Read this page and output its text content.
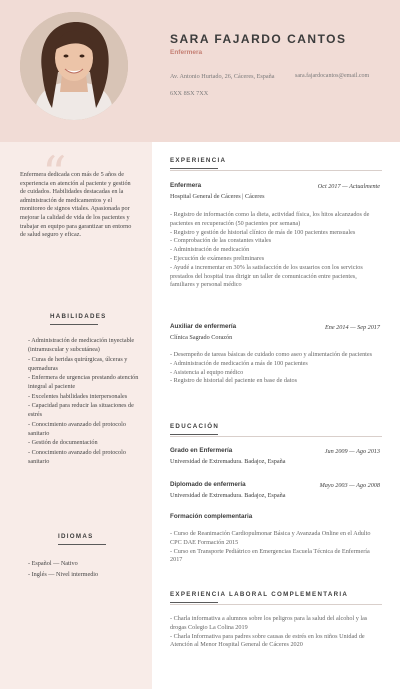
SARA FAJARDO CANTOS
Enfermera
Av. Antonio Hurtado, 26, Cáceres, España
6XX 8SX 7XX
sara.fajardocantos@email.com
“
Enfermera dedicada con más de 5 años de experiencia en atención al paciente y gestión de cuidados. Habilidades destacadas en la administración de medicamentos y el monitoreo de signos vitales. Apasionada por mejorar la calidad de vida de los pacientes y trabajar en equipo para garantizar un entorno de salud seguro y eficaz.
HABILIDADES
- Administración de medicación inyectable (intramuscular y subcutánea)
- Curas de heridas quirúrgicas, úlceras y quemaduras
- Enfermera de urgencias prestando atención integral al paciente
- Excelentes habilidades interpersonales
- Capacidad para reducir las situaciones de estrés
- Conocimiento avanzado del protocolo sanitario
- Gestión de documentación
- Conocimiento avanzado del protocolo sanitario
IDIOMAS
- Español — Nativo
- Inglés — Nivel intermedio
EXPERIENCIA
Enfermera	Oct 2017 — Actualmente
Hospital General de Cáceres | Cáceres
- Registro de información como la dieta, actividad física, los hitos alcanzados de pacientes en recuperación (50 pacientes por semana)
- Registro y gestión de historial clínico de más de 100 pacientes mensuales
- Comprobación de las constantes vitales
- Administración de medicación
- Ejecución de exámenes preliminares
- Ayudé a incrementar en 30% la satisfacción de los usuarios con los servicios prestados del hospital tras dirigir un taller de comunicación entre pacientes, familiares y personal médico
Auxiliar de enfermería	Ene 2014 — Sep 2017
Clínica Sagrado Corazón
- Desempeño de tareas básicas de cuidado como aseo y alimentación de pacientes
- Administración de medicación a más de 100 pacientes
- Asistencia al equipo médico
- Registro de historial del paciente en base de datos
EDUCACIÓN
Grado en Enfermería	Jun 2009 — Ago 2013
Universidad de Extremadura. Badajoz, España
Diplomado de enfermería	Mayo 2003 — Ago 2008
Universidad de Extremadura. Badajoz, España
Formación complementaria
- Curso de Reanimación Cardiopulmonar Básica y Avanzada Online en el Adulto CPC DAE Formación 2015
- Curso en Transporte Pediátrico en Emergencias Escuela Técnica de Enfermería 2017
EXPERIENCIA LABORAL COMPLEMENTARIA
- Charla informativa a alumnos sobre los peligros para la salud del alcohol y las drogas Colegio La Colina 2019
- Charla Informativa para padres sobre causas de estrés en los niños Unidad de Atención al Menor Hospital General de Cáceres 2020
